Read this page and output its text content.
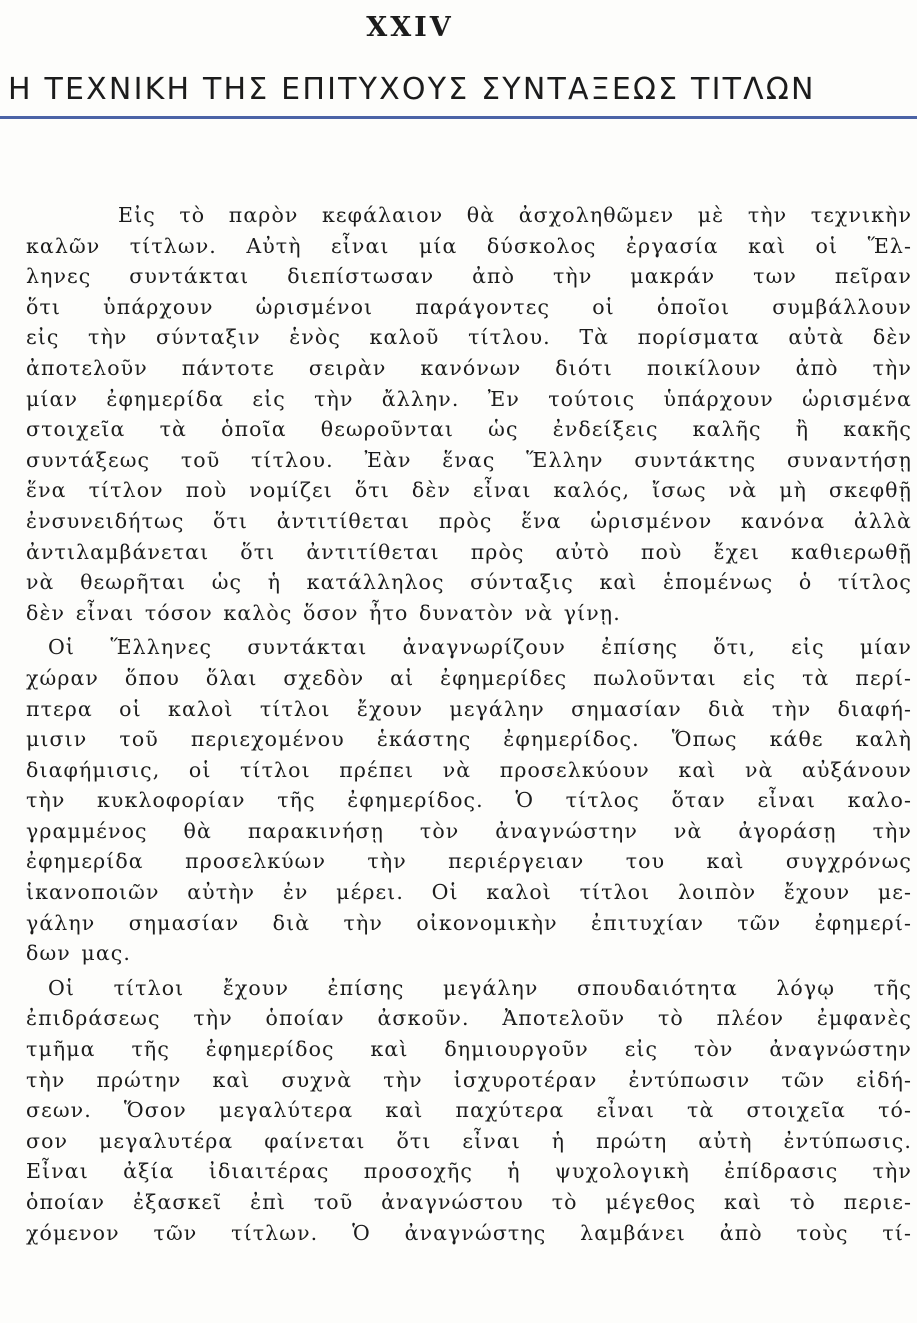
XXIV
Η ΤΕΧΝΙΚΗ ΤΗΣ ΕΠΙΤΥΧΟΥΣ ΣΥΝΤΑΞΕΩΣ ΤΙΤΛΩΝ
Εἰς τὸ παρὸν κεφάλαιον θὰ ἀσχοληθῶμεν μὲ τὴν τεχνικὴν
καλῶν τίτλων. Αὐτὴ εἶναι μία δύσκολος ἐργασία καὶ οἱ Ἕλ-
ληνες συντάκται διεπίστωσαν ἀπὸ τὴν μακράν των πεῖραν
ὅτι ὑπάρχουν ὡρισμένοι παράγοντες οἱ ὁποῖοι συμβάλλουν
εἰς τὴν σύνταξιν ἑνὸς καλοῦ τίτλου. Τὰ πορίσματα αὐτὰ δὲν
ἀποτελοῦν πάντοτε σειρὰν κανόνων διότι ποικίλουν ἀπὸ τὴν
μίαν ἐφημερίδα εἰς τὴν ἄλλην. Ἐν τούτοις ὑπάρχουν ὡρισμένα
στοιχεῖα τὰ ὁποῖα θεωροῦνται ὡς ἐνδείξεις καλῆς ἢ κακῆς
συντάξεως τοῦ τίτλου. Ἐὰν ἕνας Ἕλλην συντάκτης συναντήσῃ
ἕνα τίτλον ποὺ νομίζει ὅτι δὲν εἶναι καλός, ἴσως νὰ μὴ σκεφθῇ
ἐνσυνειδήτως ὅτι ἀντιτίθεται πρὸς ἕνα ὡρισμένον κανόνα ἀλλὰ
ἀντιλαμβάνεται ὅτι ἀντιτίθεται πρὸς αὐτὸ ποὺ ἔχει καθιερωθῇ
νὰ θεωρῆται ὡς ἡ κατάλληλος σύνταξις καὶ ἑπομένως ὁ τίτλος
δὲν εἶναι τόσον καλὸς ὅσον ἦτο δυνατὸν νὰ γίνῃ.
Οἱ Ἕλληνες συντάκται ἀναγνωρίζουν ἐπίσης ὅτι, εἰς μίαν
χώραν ὅπου ὅλαι σχεδὸν αἱ ἐφημερίδες πωλοῦνται εἰς τὰ περί-
πτερα οἱ καλοὶ τίτλοι ἔχουν μεγάλην σημασίαν διὰ τὴν διαφή-
μισιν τοῦ περιεχομένου ἑκάστης ἐφημερίδος. Ὅπως κάθε καλὴ
διαφήμισις, οἱ τίτλοι πρέπει νὰ προσελκύουν καὶ νὰ αὐξάνουν
τὴν κυκλοφορίαν τῆς ἐφημερίδος. Ὁ τίτλος ὅταν εἶναι καλο-
γραμμένος θὰ παρακινήσῃ τὸν ἀναγνώστην νὰ ἀγοράσῃ τὴν
ἐφημερίδα προσελκύων τὴν περιέργειαν του καὶ συγχρόνως
ἱκανοποιῶν αὐτὴν ἐν μέρει. Οἱ καλοὶ τίτλοι λοιπὸν ἔχουν με-
γάλην σημασίαν διὰ τὴν οἰκονομικὴν ἐπιτυχίαν τῶν ἐφημερί-
δων μας.
Οἱ τίτλοι ἔχουν ἐπίσης μεγάλην σπουδαιότητα λόγῳ τῆς
ἐπιδράσεως τὴν ὁποίαν ἀσκοῦν. Ἀποτελοῦν τὸ πλέον ἐμφανὲς
τμῆμα τῆς ἐφημερίδος καὶ δημιουργοῦν εἰς τὸν ἀναγνώστην
τὴν πρώτην καὶ συχνὰ τὴν ἰσχυροτέραν ἐντύπωσιν τῶν εἰδή-
σεων. Ὅσον μεγαλύτερα καὶ παχύτερα εἶναι τὰ στοιχεῖα τό-
σον μεγαλυτέρα φαίνεται ὅτι εἶναι ἡ πρώτη αὐτὴ ἐντύπωσις.
Εἶναι ἀξία ἰδιαιτέρας προσοχῆς ἡ ψυχολογικὴ ἐπίδρασις τὴν
ὁποίαν ἐξασκεῖ ἐπὶ τοῦ ἀναγνώστου τὸ μέγεθος καὶ τὸ περιε-
χόμενον τῶν τίτλων. Ὁ ἀναγνώστης λαμβάνει ἀπὸ τοὺς τί-
